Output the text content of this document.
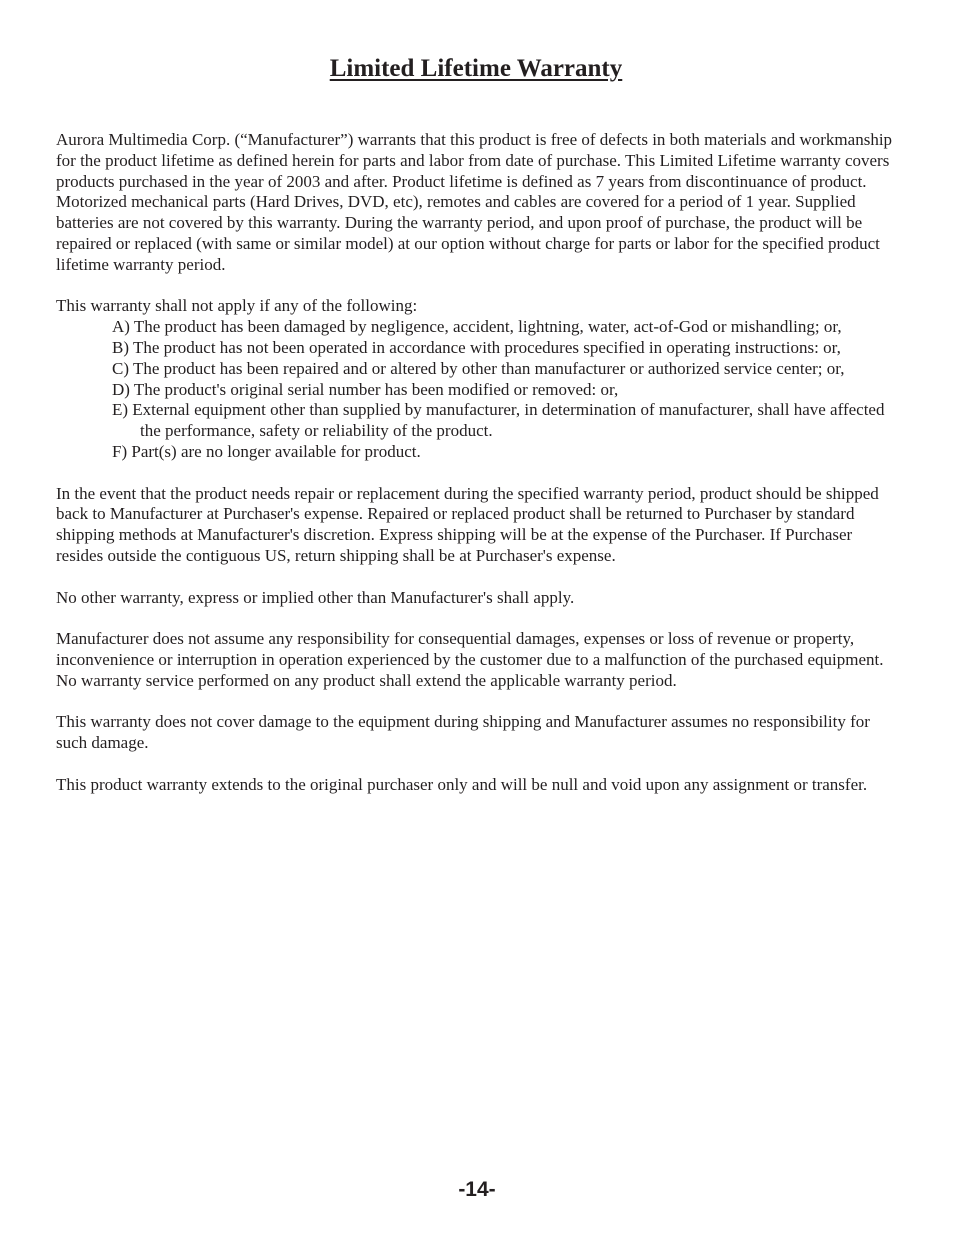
Limited Lifetime Warranty

Aurora Multimedia Corp. (“Manufacturer”) warrants that this product is free of defects in both materials and workmanship for the product lifetime as defined herein for parts and labor from date of purchase. This Limited Lifetime warranty covers products purchased in the year of 2003 and after. Product lifetime is defined as 7 years from discontinuance of product. Motorized mechanical parts (Hard Drives, DVD, etc), remotes and cables are covered for a period of 1 year. Supplied batteries are not covered by this warranty. During the warranty period, and upon proof of purchase, the product will be repaired or replaced (with same or similar model) at our option without charge for parts or labor for the specified product lifetime warranty period.

This warranty shall not apply if any of the following:

A) The product has been damaged by negligence, accident, lightning, water, act-of-God or mishandling; or,
B) The product has not been operated in accordance with procedures specified in operating instructions: or,
C) The product has been repaired and or altered by other than manufacturer or authorized service center; or,
D) The product's original serial number has been modified or removed: or,
E) External equipment other than supplied by manufacturer, in determination of manufacturer, shall have affected the performance, safety or reliability of the product.
F) Part(s) are no longer available for product.

In the event that the product needs repair or replacement during the specified warranty period, product should be shipped back to Manufacturer at Purchaser's expense. Repaired or replaced product shall be returned to Purchaser by standard shipping methods at Manufacturer's discretion. Express shipping will be at the expense of the Purchaser. If Purchaser resides outside the contiguous US, return shipping shall be at Purchaser's expense.

No other warranty, express or implied other than Manufacturer's shall apply.

Manufacturer does not assume any responsibility for consequential damages, expenses or loss of revenue or property, inconvenience or interruption in operation experienced by the customer due to a malfunction of the purchased equipment. No warranty service performed on any product shall extend the applicable warranty period.

This warranty does not cover damage to the equipment during shipping and Manufacturer assumes no responsibility for such damage.

This product warranty extends to the original purchaser only and will be null and void upon any assignment or transfer.

-14-
